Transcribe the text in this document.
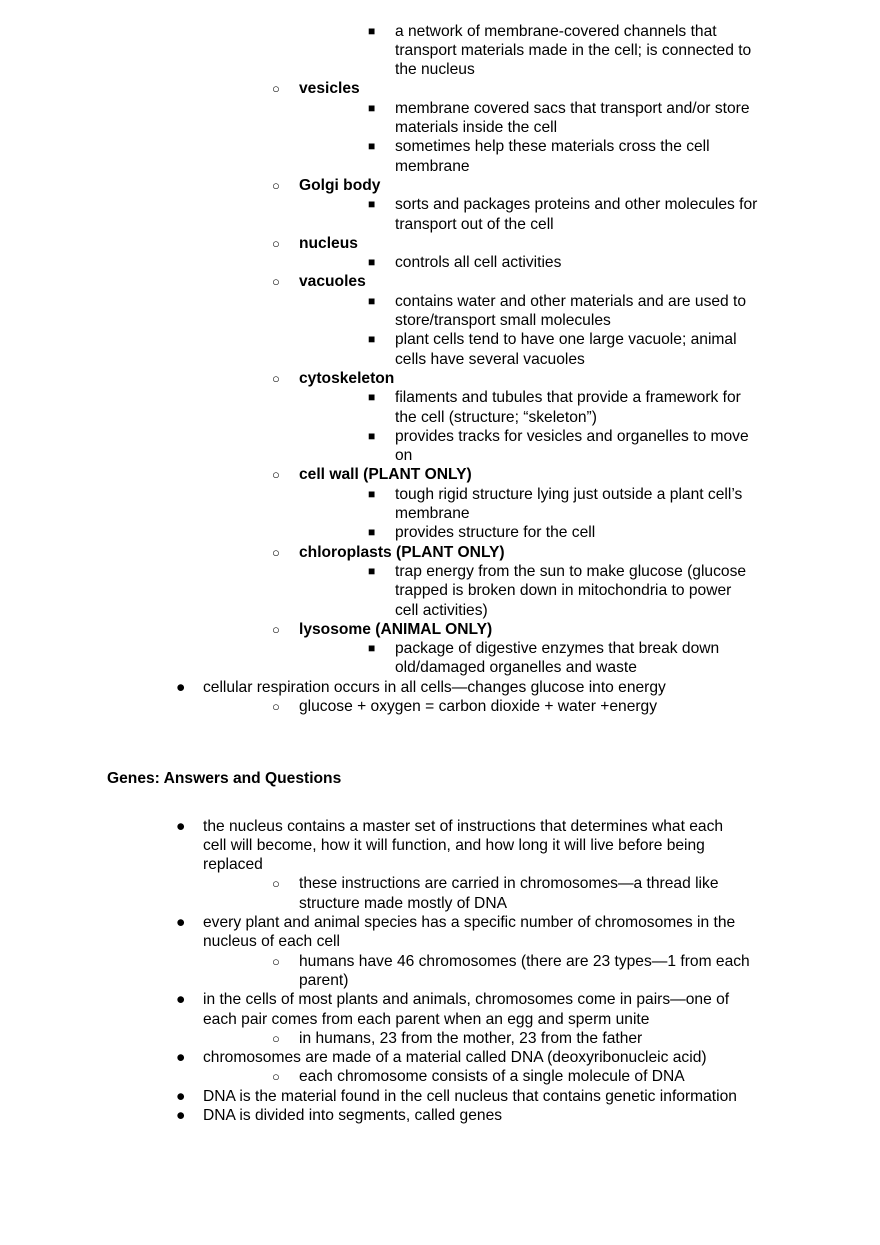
■ a network of membrane-covered channels that
transport materials made in the cell; is connected to
the nucleus
○ vesicles
■ membrane covered sacs that transport and/or store
materials inside the cell
■ sometimes help these materials cross the cell
membrane
○ Golgi body
■ sorts and packages proteins and other molecules for
transport out of the cell
○ nucleus
■ controls all cell activities
○ vacuoles
■ contains water and other materials and are used to
store/transport small molecules
■ plant cells tend to have one large vacuole; animal
cells have several vacuoles
○ cytoskeleton
■ filaments and tubules that provide a framework for
the cell (structure; “skeleton”)
■ provides tracks for vesicles and organelles to move
on
○ cell wall (PLANT ONLY)
■ tough rigid structure lying just outside a plant cell’s
membrane
■ provides structure for the cell
○ chloroplasts (PLANT ONLY)
■ trap energy from the sun to make glucose (glucose
trapped is broken down in mitochondria to power
cell activities)
○ lysosome (ANIMAL ONLY)
■ package of digestive enzymes that break down
old/damaged organelles and waste
● cellular respiration occurs in all cells—changes glucose into energy
○ glucose + oxygen = carbon dioxide + water +energy
Genes: Answers and Questions
● the nucleus contains a master set of instructions that determines what each
cell will become, how it will function, and how long it will live before being
replaced
○ these instructions are carried in chromosomes—a thread like
structure made mostly of DNA
● every plant and animal species has a specific number of chromosomes in the
nucleus of each cell
○ humans have 46 chromosomes (there are 23 types—1 from each
parent)
● in the cells of most plants and animals, chromosomes come in pairs—one of
each pair comes from each parent when an egg and sperm unite
○ in humans, 23 from the mother, 23 from the father
● chromosomes are made of a material called DNA (deoxyribonucleic acid)
○ each chromosome consists of a single molecule of DNA
● DNA is the material found in the cell nucleus that contains genetic information
● DNA is divided into segments, called genes
